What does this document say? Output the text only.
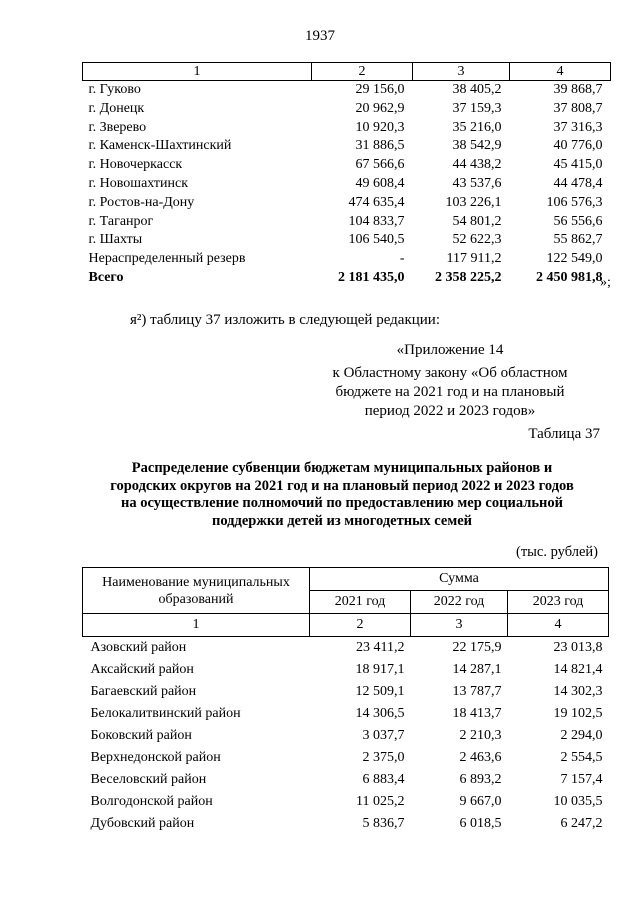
1937
1	2	3	4
г. Гуково	29 156,0	38 405,2	39 868,7
г. Донецк	20 962,9	37 159,3	37 808,7
г. Зверево	10 920,3	35 216,0	37 316,3
г. Каменск-Шахтинский	31 886,5	38 542,9	40 776,0
г. Новочеркасск	67 566,6	44 438,2	45 415,0
г. Новошахтинск	49 608,4	43 537,6	44 478,4
г. Ростов-на-Дону	474 635,4	103 226,1	106 576,3
г. Таганрог	104 833,7	54 801,2	56 556,6
г. Шахты	106 540,5	52 622,3	55 862,7
Нераспределенный резерв	-	117 911,2	122 549,0
Всего	2 181 435,0	2 358 225,2	2 450 981,8
»;
я²) таблицу 37 изложить в следующей редакции:
«Приложение 14
к Областному закону «Об областном
бюджете на 2021 год и на плановый
период 2022 и 2023 годов»
Таблица 37
Распределение субвенции бюджетам муниципальных районов и
городских округов на 2021 год и на плановый период 2022 и 2023 годов
на осуществление полномочий по предоставлению мер социальной
поддержки детей из многодетных семей
(тыс. рублей)
Наименование муниципальных
образований	Сумма		
	2021 год	2022 год	2023 год
1	2	3	4
Азовский район	23 411,2	22 175,9	23 013,8
Аксайский район	18 917,1	14 287,1	14 821,4
Багаевский район	12 509,1	13 787,7	14 302,3
Белокалитвинский район	14 306,5	18 413,7	19 102,5
Боковский район	3 037,7	2 210,3	2 294,0
Верхнедонской район	2 375,0	2 463,6	2 554,5
Веселовский район	6 883,4	6 893,2	7 157,4
Волгодонской район	11 025,2	9 667,0	10 035,5
Дубовский район	5 836,7	6 018,5	6 247,2
